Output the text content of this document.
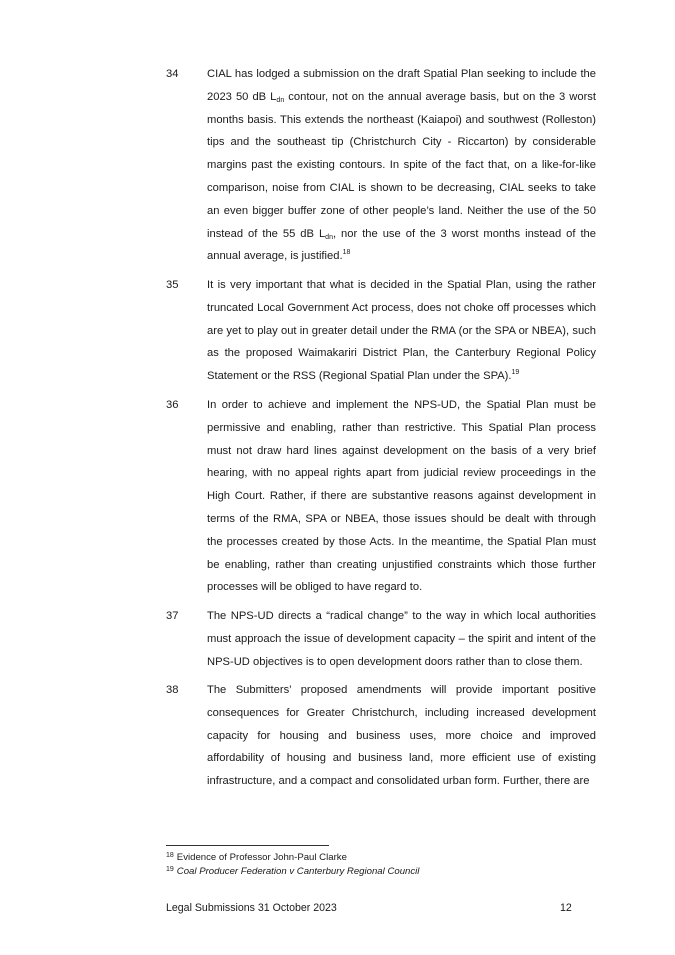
34	CIAL has lodged a submission on the draft Spatial Plan seeking to include the 2023 50 dB $L_{dn}$ contour, not on the annual average basis, but on the 3 worst months basis. This extends the northeast (Kaiapoi) and southwest (Rolleston) tips and the southeast tip (Christchurch City - Riccarton) by considerable margins past the existing contours. In spite of the fact that, on a like-for-like comparison, noise from CIAL is shown to be decreasing, CIAL seeks to take an even bigger buffer zone of other people’s land. Neither the use of the 50 instead of the 55 dB $L_{dn}$, nor the use of the 3 worst months instead of the annual average, is justified.$^{18}$
35	It is very important that what is decided in the Spatial Plan, using the rather truncated Local Government Act process, does not choke off processes which are yet to play out in greater detail under the RMA (or the SPA or NBEA), such as the proposed Waimakariri District Plan, the Canterbury Regional Policy Statement or the RSS (Regional Spatial Plan under the SPA).$^{19}$
36	In order to achieve and implement the NPS-UD, the Spatial Plan must be permissive and enabling, rather than restrictive. This Spatial Plan process must not draw hard lines against development on the basis of a very brief hearing, with no appeal rights apart from judicial review proceedings in the High Court. Rather, if there are substantive reasons against development in terms of the RMA, SPA or NBEA, those issues should be dealt with through the processes created by those Acts. In the meantime, the Spatial Plan must be enabling, rather than creating unjustified constraints which those further processes will be obliged to have regard to.
37	The NPS-UD directs a “radical change” to the way in which local authorities must approach the issue of development capacity – the spirit and intent of the NPS-UD objectives is to open development doors rather than to close them.
38	The Submitters’ proposed amendments will provide important positive consequences for Greater Christchurch, including increased development capacity for housing and business uses, more choice and improved affordability of housing and business land, more efficient use of existing infrastructure, and a compact and consolidated urban form. Further, there are
$^{18}$ Evidence of Professor John-Paul Clarke
$^{19}$ Coal Producer Federation v Canterbury Regional Council
Legal Submissions 31 October 2023	12
